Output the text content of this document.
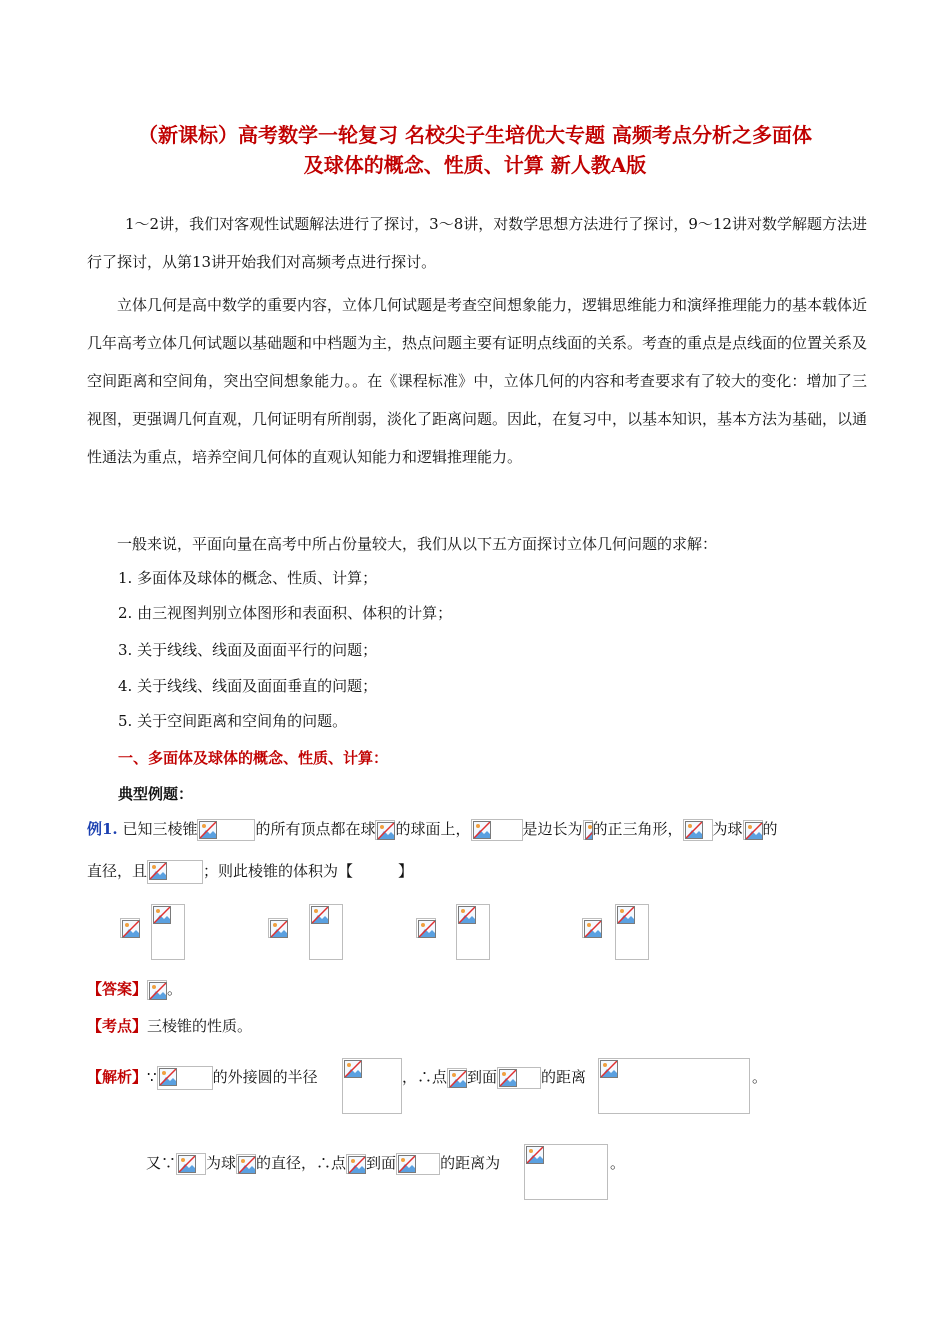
（新课标）高考数学一轮复习 名校尖子生培优大专题 高频考点分析之多面体
及球体的概念、性质、计算 新人教A版
1～2讲，我们对客观性试题解法进行了探讨，3～8讲，对数学思想方法进行了探讨，9～12讲对数学解题方法进行了探讨，从第13讲开始我们对高频考点进行探讨。
立体几何是高中数学的重要内容，立体几何试题是考查空间想象能力，逻辑思维能力和演绎推理能力的基本载体近几年高考立体几何试题以基础题和中档题为主，热点问题主要有证明点线面的关系。考查的重点是点线面的位置关系及空间距离和空间角，突出空间想象能力。。在《课程标准》中，立体几何的内容和考查要求有了较大的变化：增加了三视图，更强调几何直观，几何证明有所削弱，淡化了距离问题。因此，在复习中，以基本知识，基本方法为基础，以通性通法为重点，培养空间几何体的直观认知能力和逻辑推理能力。
一般来说，平面向量在高考中所占份量较大，我们从以下五方面探讨立体几何问题的求解：
1. 多面体及球体的概念、性质、计算；
2. 由三视图判别立体图形和表面积、体积的计算；
3. 关于线线、线面及面面平行的问题；
4. 关于线线、线面及面面垂直的问题；
5. 关于空间距离和空间角的问题。
一、多面体及球体的概念、性质、计算：
典型例题：
例1. 已知三棱锥	的所有顶点都在球 的球面上，	是边长为 的正三角形， 为球 的
直径，且	；则此棱锥的体积为【　　　】
【答案】 。
【考点】三棱锥的性质。
【解析】∵	的外接圆的半径	，∴点 到面	的距离	。
又∵ 为球 的直径，∴点 到面	的距离为	。
